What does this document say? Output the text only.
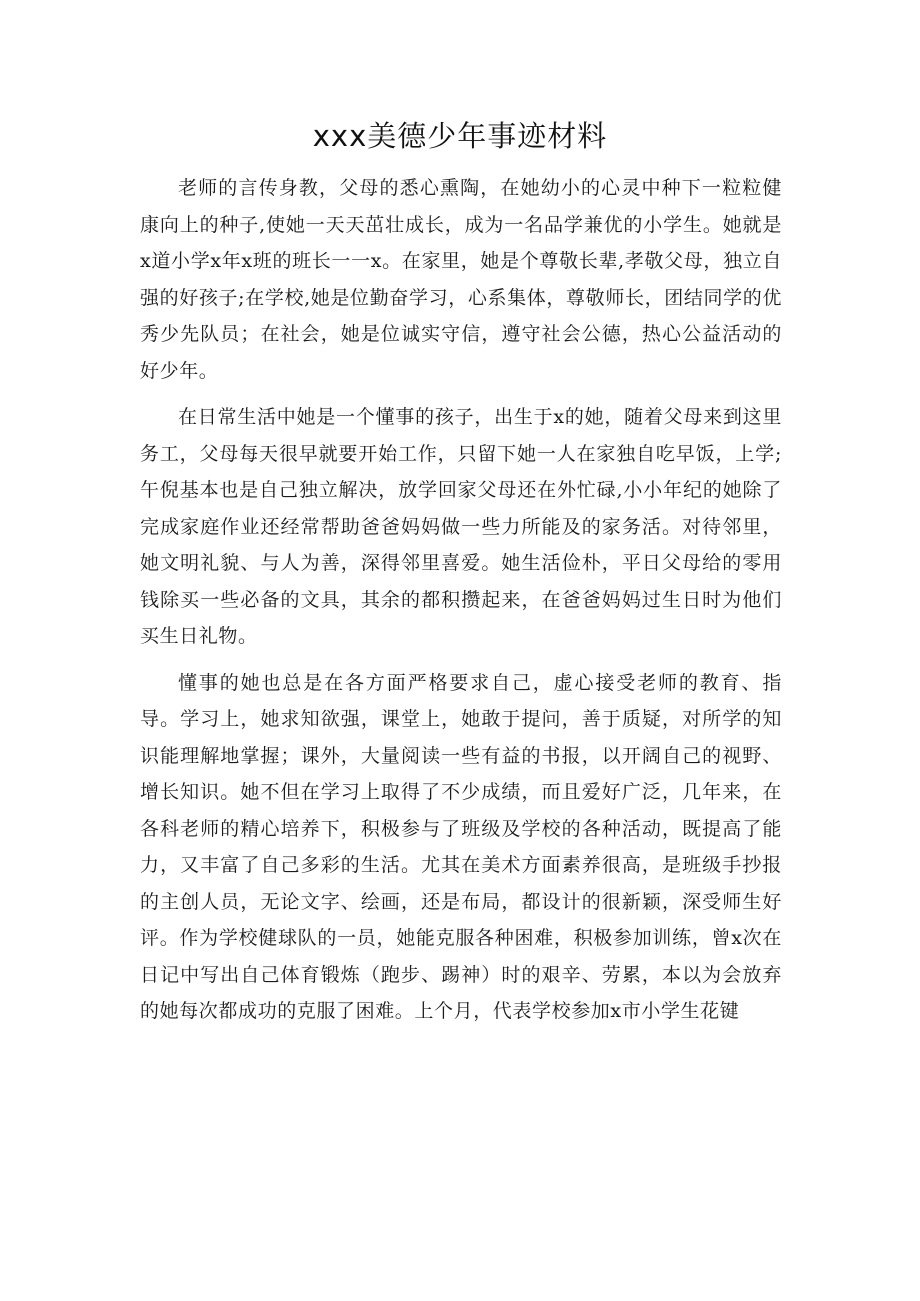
xxx美德少年事迹材料

老师的言传身教，父母的悉心熏陶，在她幼小的心灵中种下一粒粒健康向上的种子,使她一天天茁壮成长，成为一名品学兼优的小学生。她就是x道小学x年x班的班长一一x。在家里，她是个尊敬长辈,孝敬父母，独立自强的好孩子;在学校,她是位勤奋学习，心系集体，尊敬师长，团结同学的优秀少先队员；在社会，她是位诚实守信，遵守社会公德，热心公益活动的好少年。

在日常生活中她是一个懂事的孩子，出生于x的她，随着父母来到这里务工，父母每天很早就要开始工作，只留下她一人在家独自吃早饭，上学;午倪基本也是自己独立解决，放学回家父母还在外忙碌,小小年纪的她除了完成家庭作业还经常帮助爸爸妈妈做一些力所能及的家务活。对待邻里，她文明礼貌、与人为善，深得邻里喜爱。她生活俭朴，平日父母给的零用钱除买一些必备的文具，其余的都积攒起来，在爸爸妈妈过生日时为他们买生日礼物。

懂事的她也总是在各方面严格要求自己，虚心接受老师的教育、指导。学习上，她求知欲强，课堂上，她敢于提问，善于质疑，对所学的知识能理解地掌握；课外，大量阅读一些有益的书报，以开阔自己的视野、增长知识。她不但在学习上取得了不少成绩，而且爱好广泛，几年来，在各科老师的精心培养下，积极参与了班级及学校的各种活动，既提高了能力，又丰富了自己多彩的生活。尤其在美术方面素养很高，是班级手抄报的主创人员，无论文字、绘画，还是布局，都设计的很新颖，深受师生好评。作为学校健球队的一员，她能克服各种困难，积极参加训练，曾x次在日记中写出自己体育锻炼（跑步、踢神）时的艰辛、劳累，本以为会放弃的她每次都成功的克服了困难。上个月，代表学校参加x市小学生花键
